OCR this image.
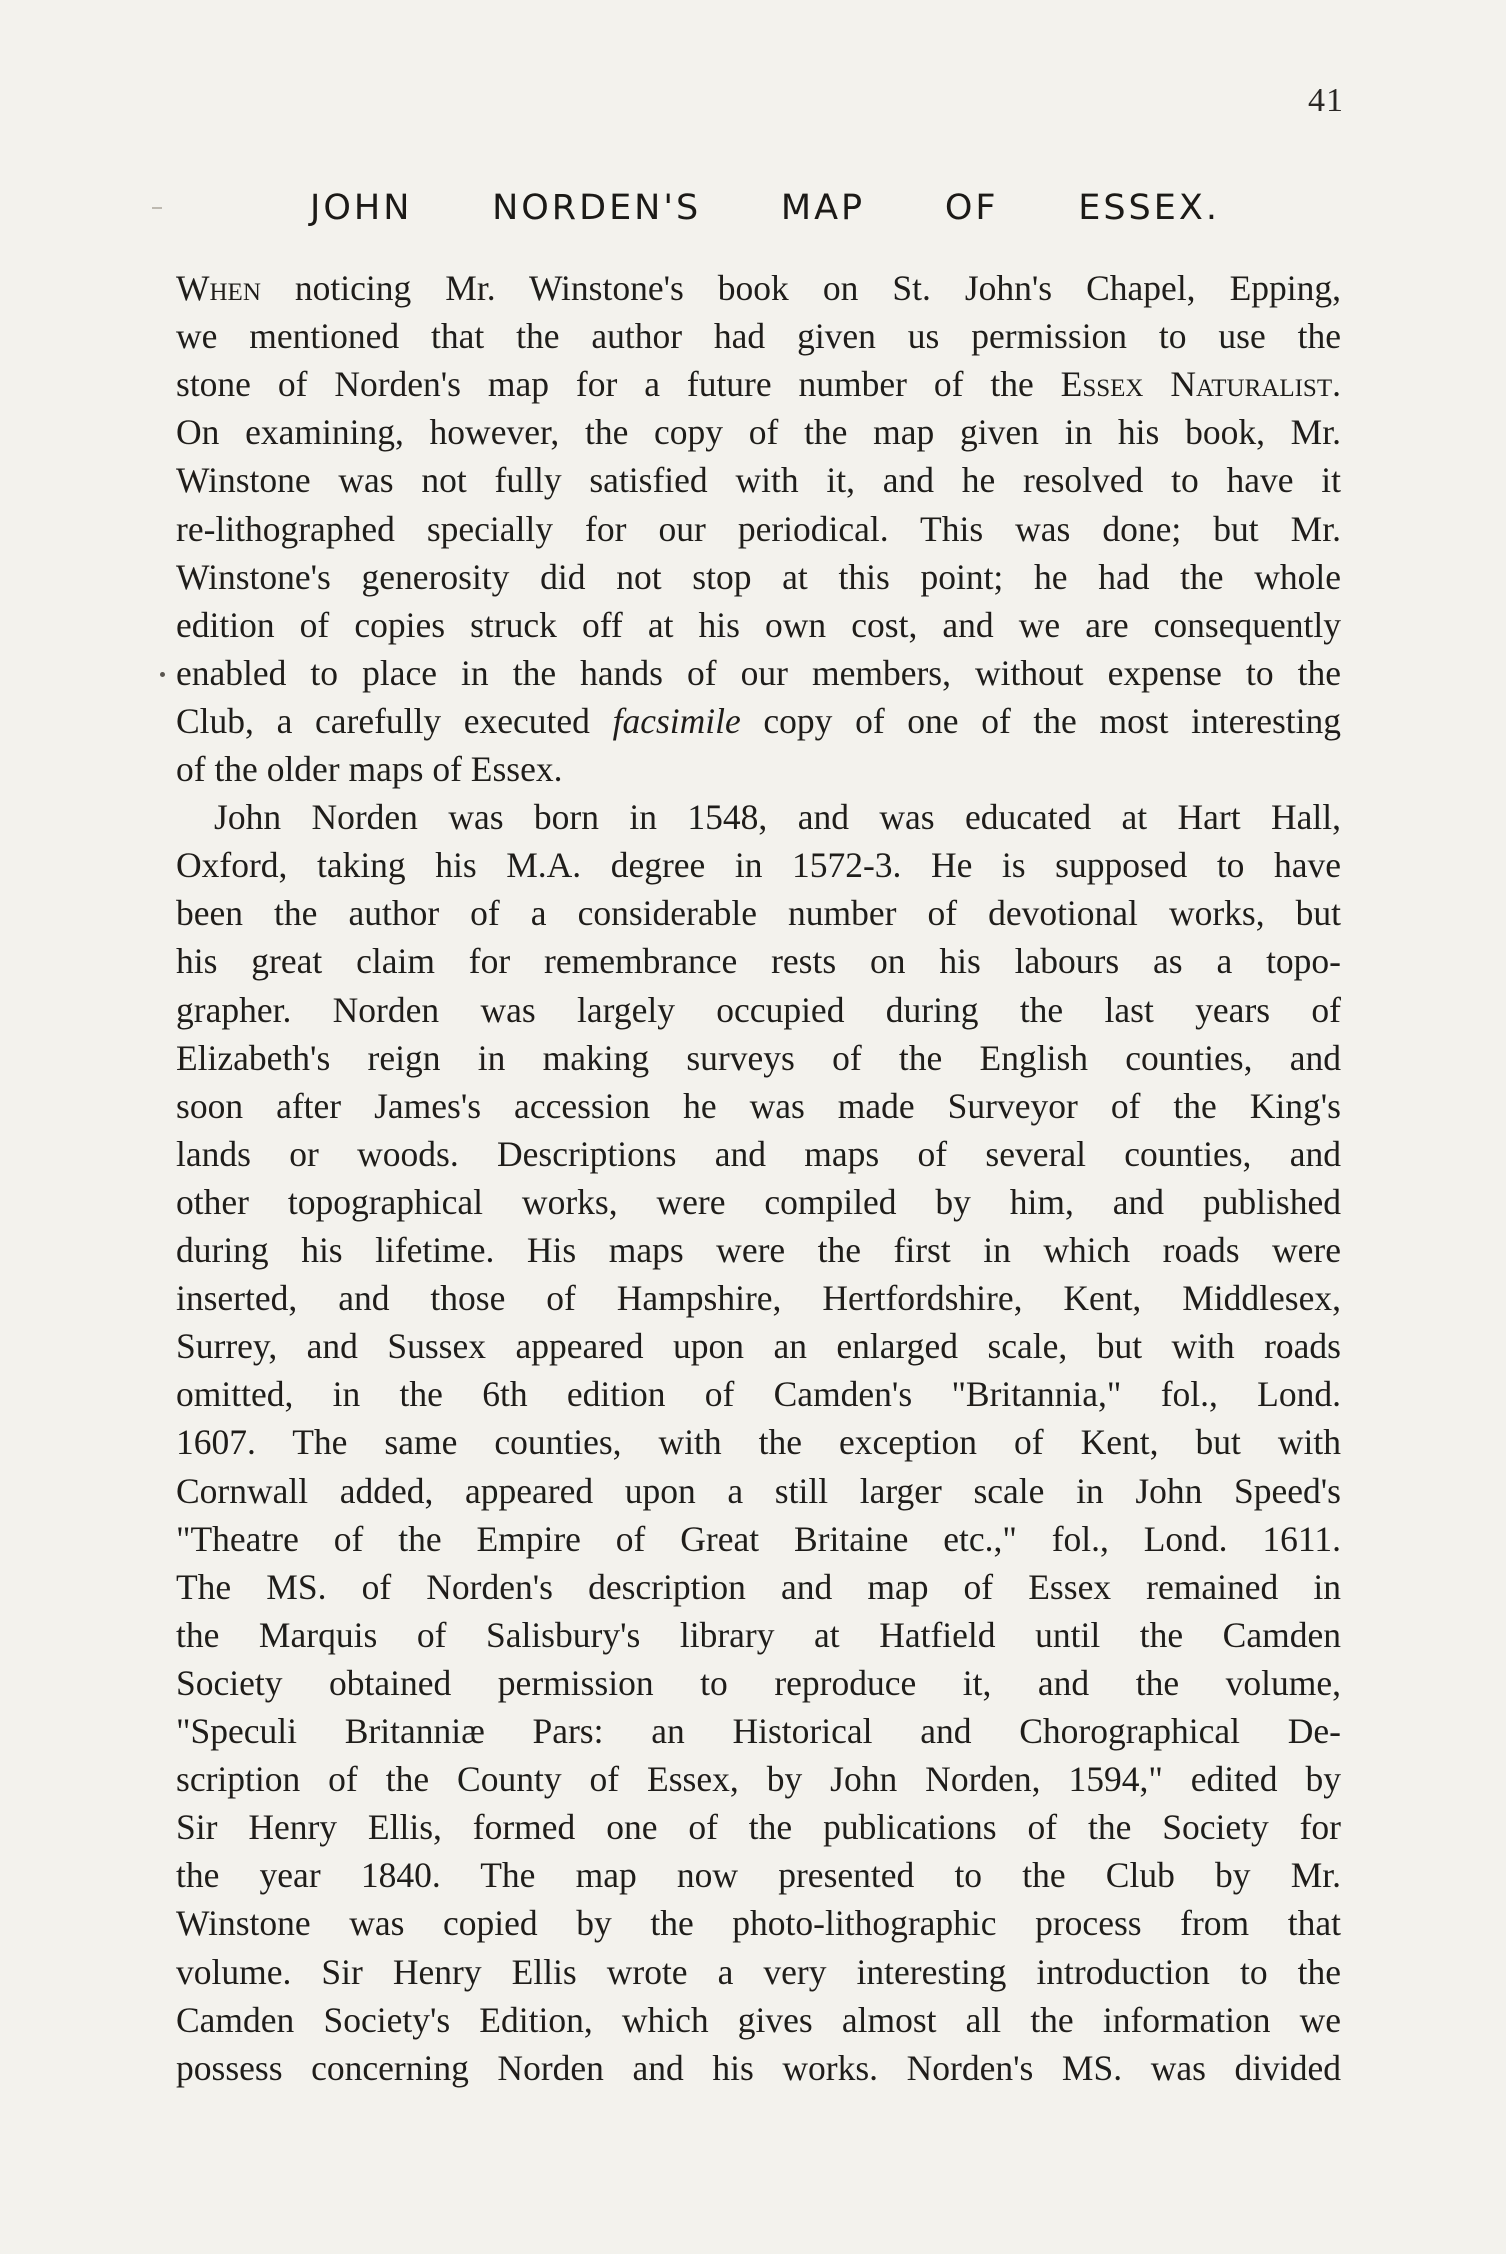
41
JOHN NORDEN'S MAP OF ESSEX.
When noticing Mr. Winstone's book on St. John's Chapel, Epping,
we mentioned that the author had given us permission to use the
stone of Norden's map for a future number of the Essex Naturalist.
On examining, however, the copy of the map given in his book, Mr.
Winstone was not fully satisfied with it, and he resolved to have it
re-lithographed specially for our periodical. This was done; but Mr.
Winstone's generosity did not stop at this point; he had the whole
edition of copies struck off at his own cost, and we are consequently
enabled to place in the hands of our members, without expense to the
Club, a carefully executed facsimile copy of one of the most interesting
of the older maps of Essex.
John Norden was born in 1548, and was educated at Hart Hall,
Oxford, taking his M.A. degree in 1572-3. He is supposed to have
been the author of a considerable number of devotional works, but
his great claim for remembrance rests on his labours as a topo-
grapher. Norden was largely occupied during the last years of
Elizabeth's reign in making surveys of the English counties, and
soon after James's accession he was made Surveyor of the King's
lands or woods. Descriptions and maps of several counties, and
other topographical works, were compiled by him, and published
during his lifetime. His maps were the first in which roads were
inserted, and those of Hampshire, Hertfordshire, Kent, Middlesex,
Surrey, and Sussex appeared upon an enlarged scale, but with roads
omitted, in the 6th edition of Camden's "Britannia," fol., Lond.
1607. The same counties, with the exception of Kent, but with
Cornwall added, appeared upon a still larger scale in John Speed's
"Theatre of the Empire of Great Britaine etc.," fol., Lond. 1611.
The MS. of Norden's description and map of Essex remained in
the Marquis of Salisbury's library at Hatfield until the Camden
Society obtained permission to reproduce it, and the volume,
"Speculi Britanniæ Pars: an Historical and Chorographical De-
scription of the County of Essex, by John Norden, 1594," edited by
Sir Henry Ellis, formed one of the publications of the Society for
the year 1840. The map now presented to the Club by Mr.
Winstone was copied by the photo-lithographic process from that
volume. Sir Henry Ellis wrote a very interesting introduction to the
Camden Society's Edition, which gives almost all the information we
possess concerning Norden and his works. Norden's MS. was divided
